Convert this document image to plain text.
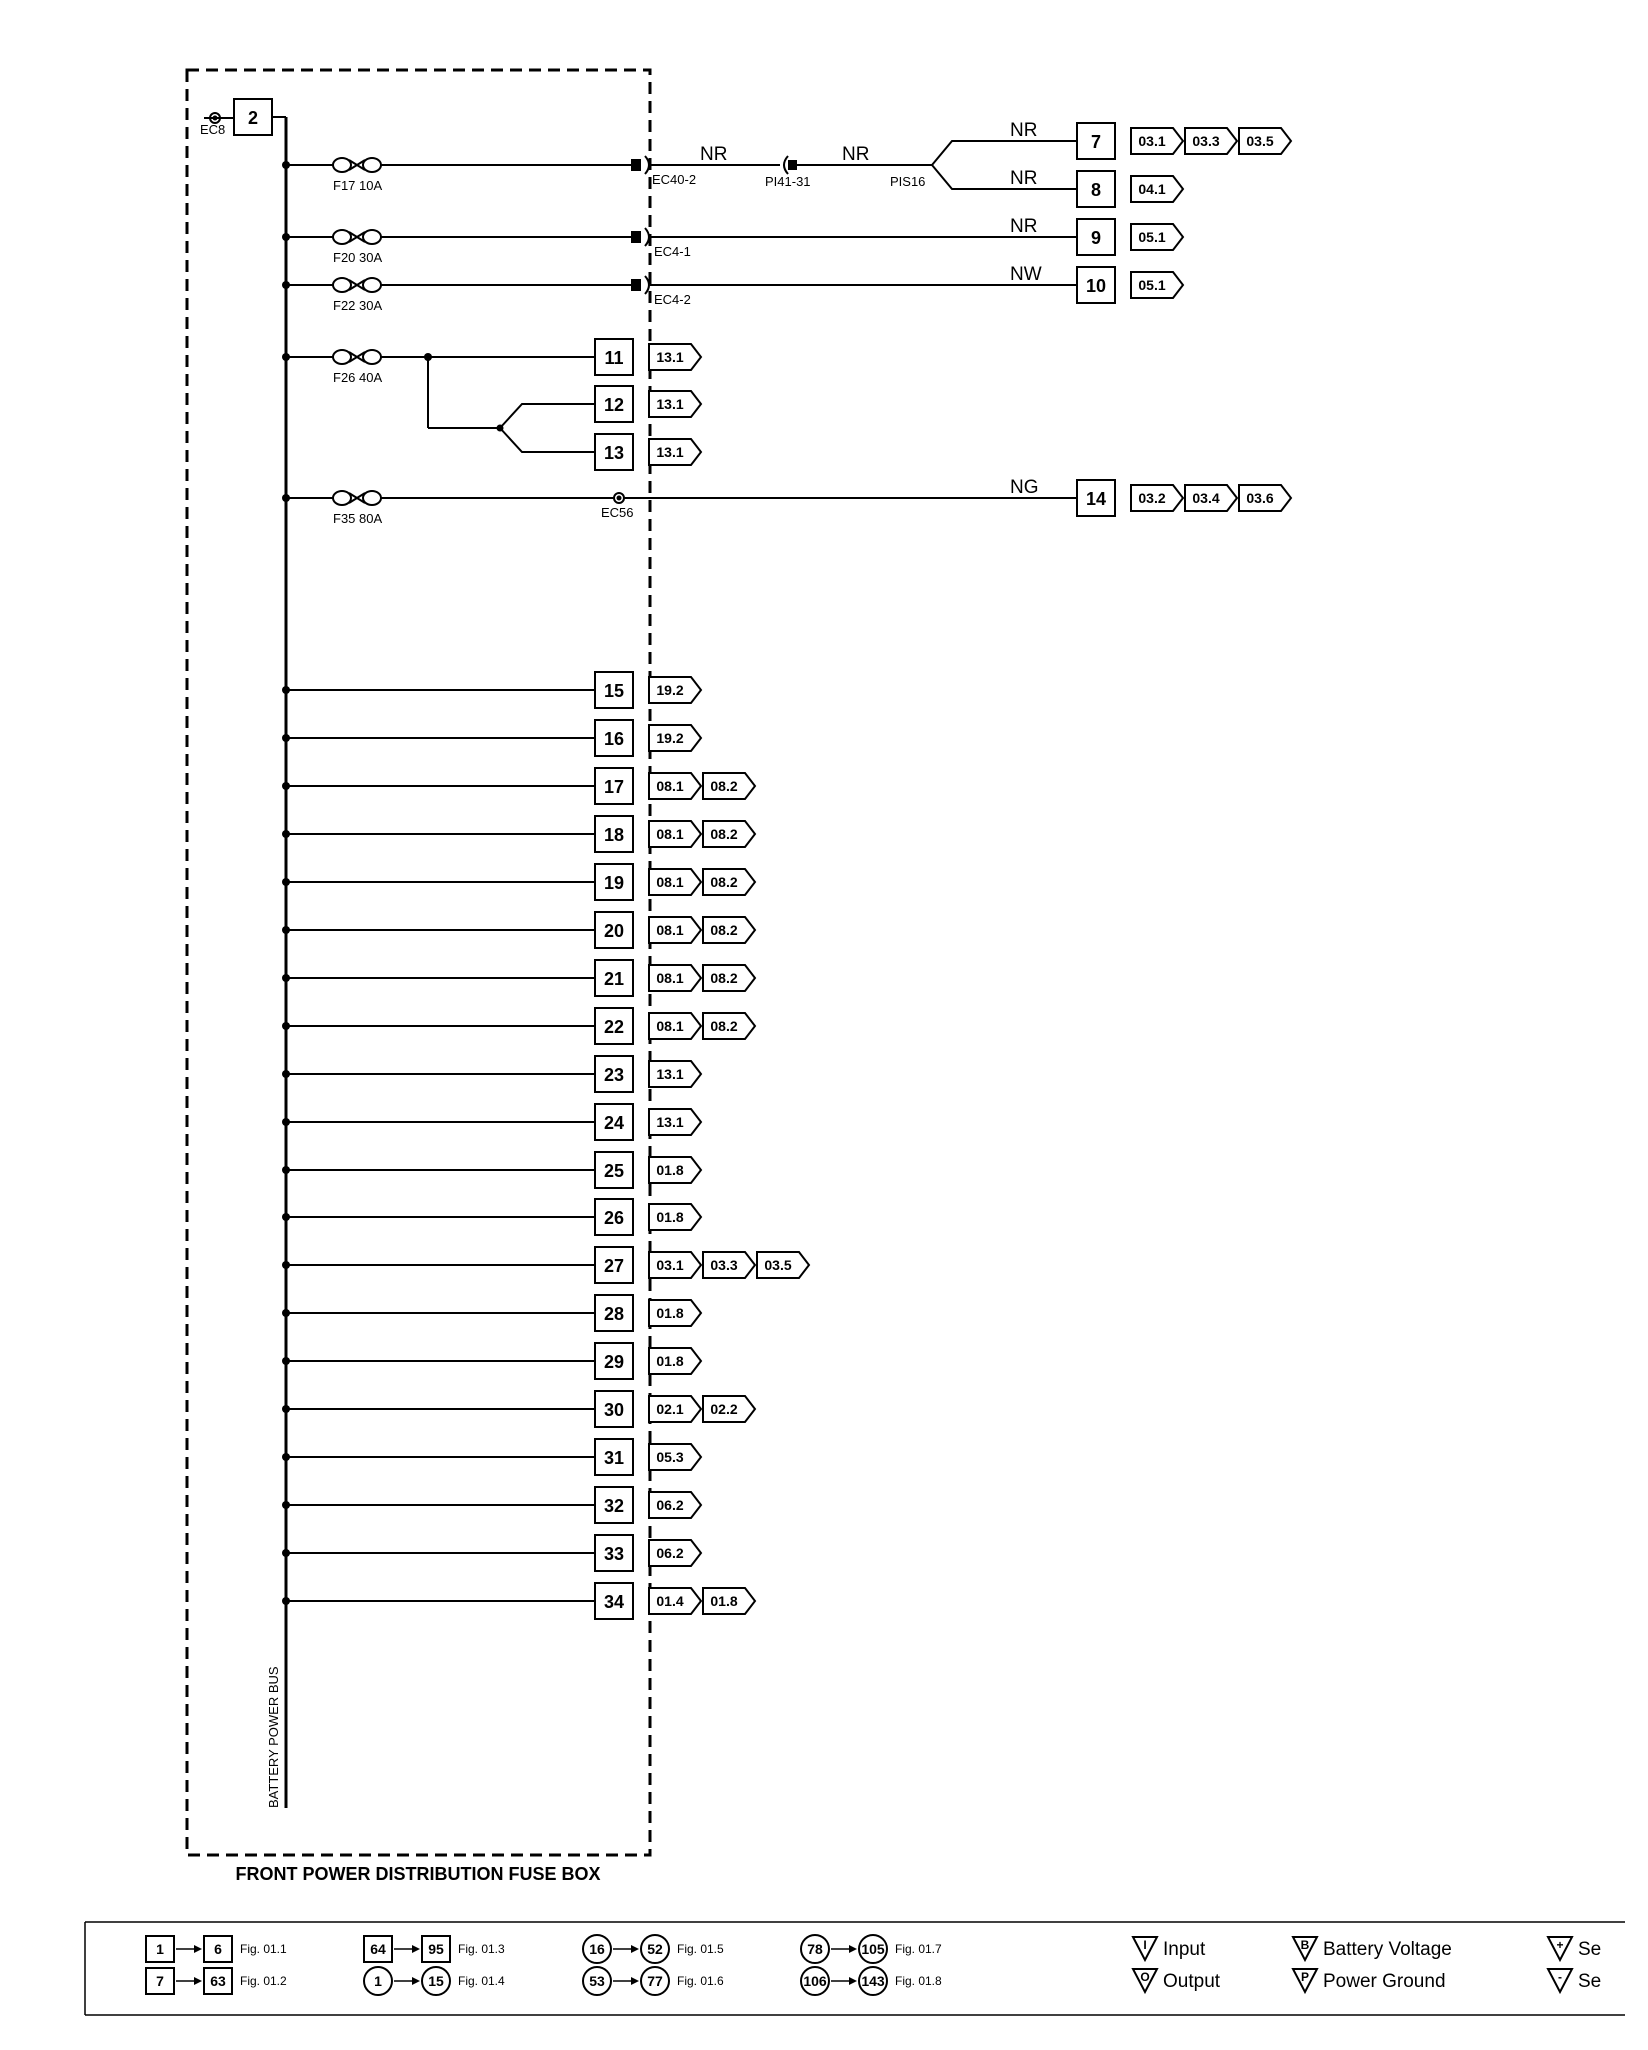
FRONT POWER DISTRIBUTION FUSE BOX
BATTERY POWER BUS
EC8
2
F17 10A	EC40-2
NR
PI41-31
NR
PIS16
NR
NR
F20 30A	EC4-1
NR
F22 30A	EC4-2
NW
F26 40A
F35 80A	EC56
NG
7	03.1 03.3 03.5
8	04.1
9	05.1
10 05.1
11 13.1
12 13.1
13 13.1
14 03.2 03.4 03.6
15 19.2
16 19.2
17 08.1 08.2
18 08.1 08.2
19 08.1 08.2
20 08.1 08.2
21 08.1 08.2
22 08.1 08.2
23 13.1
24 13.1
25 01.8
26 01.8
27 03.1 03.3 03.5
28 01.8
29 01.8
30 02.1 02.2
31 05.3
32 06.2
33 06.2
34 01.4 01.8
1	6 Fig. 01.1
7	63 Fig. 01.2
64	95 Fig. 01.3
1	15 Fig. 01.4
16	52 Fig. 01.5
53	77 Fig. 01.6
78	105 Fig. 01.7
106 143 Fig. 01.8
I Input
O Output
B Battery Voltage
P Power Ground
+ Se
- Se
